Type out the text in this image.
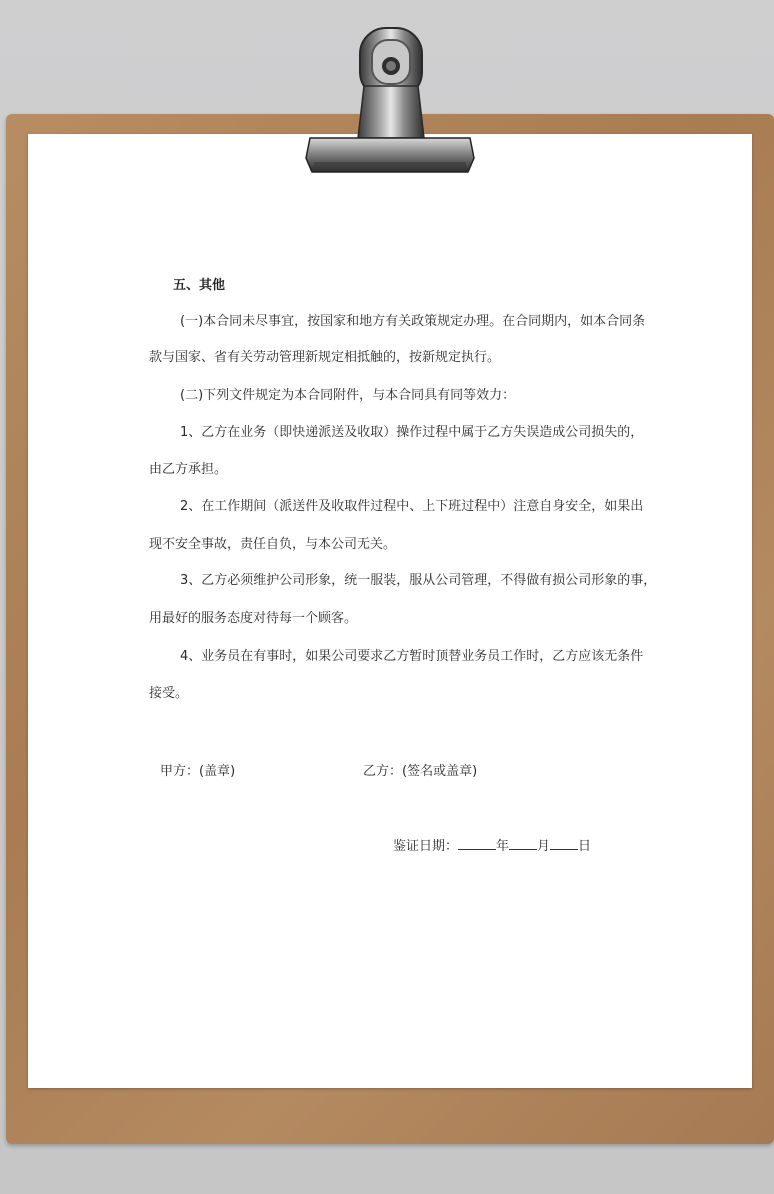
五、其他

(一)本合同未尽事宜，按国家和地方有关政策规定办理。在合同期内，如本合同条

款与国家、省有关劳动管理新规定相抵触的，按新规定执行。

(二)下列文件规定为本合同附件，与本合同具有同等效力：

1、乙方在业务（即快递派送及收取）操作过程中属于乙方失误造成公司损失的，

由乙方承担。

2、在工作期间（派送件及收取件过程中、上下班过程中）注意自身安全，如果出

现不安全事故，责任自负，与本公司无关。

3、乙方必须维护公司形象，统一服装，服从公司管理，不得做有损公司形象的事，

用最好的服务态度对待每一个顾客。

4、业务员在有事时，如果公司要求乙方暂时顶替业务员工作时，乙方应该无条件

接受。

甲方：(盖章)	乙方：(签名或盖章)
鉴证日期：	年 月 日
